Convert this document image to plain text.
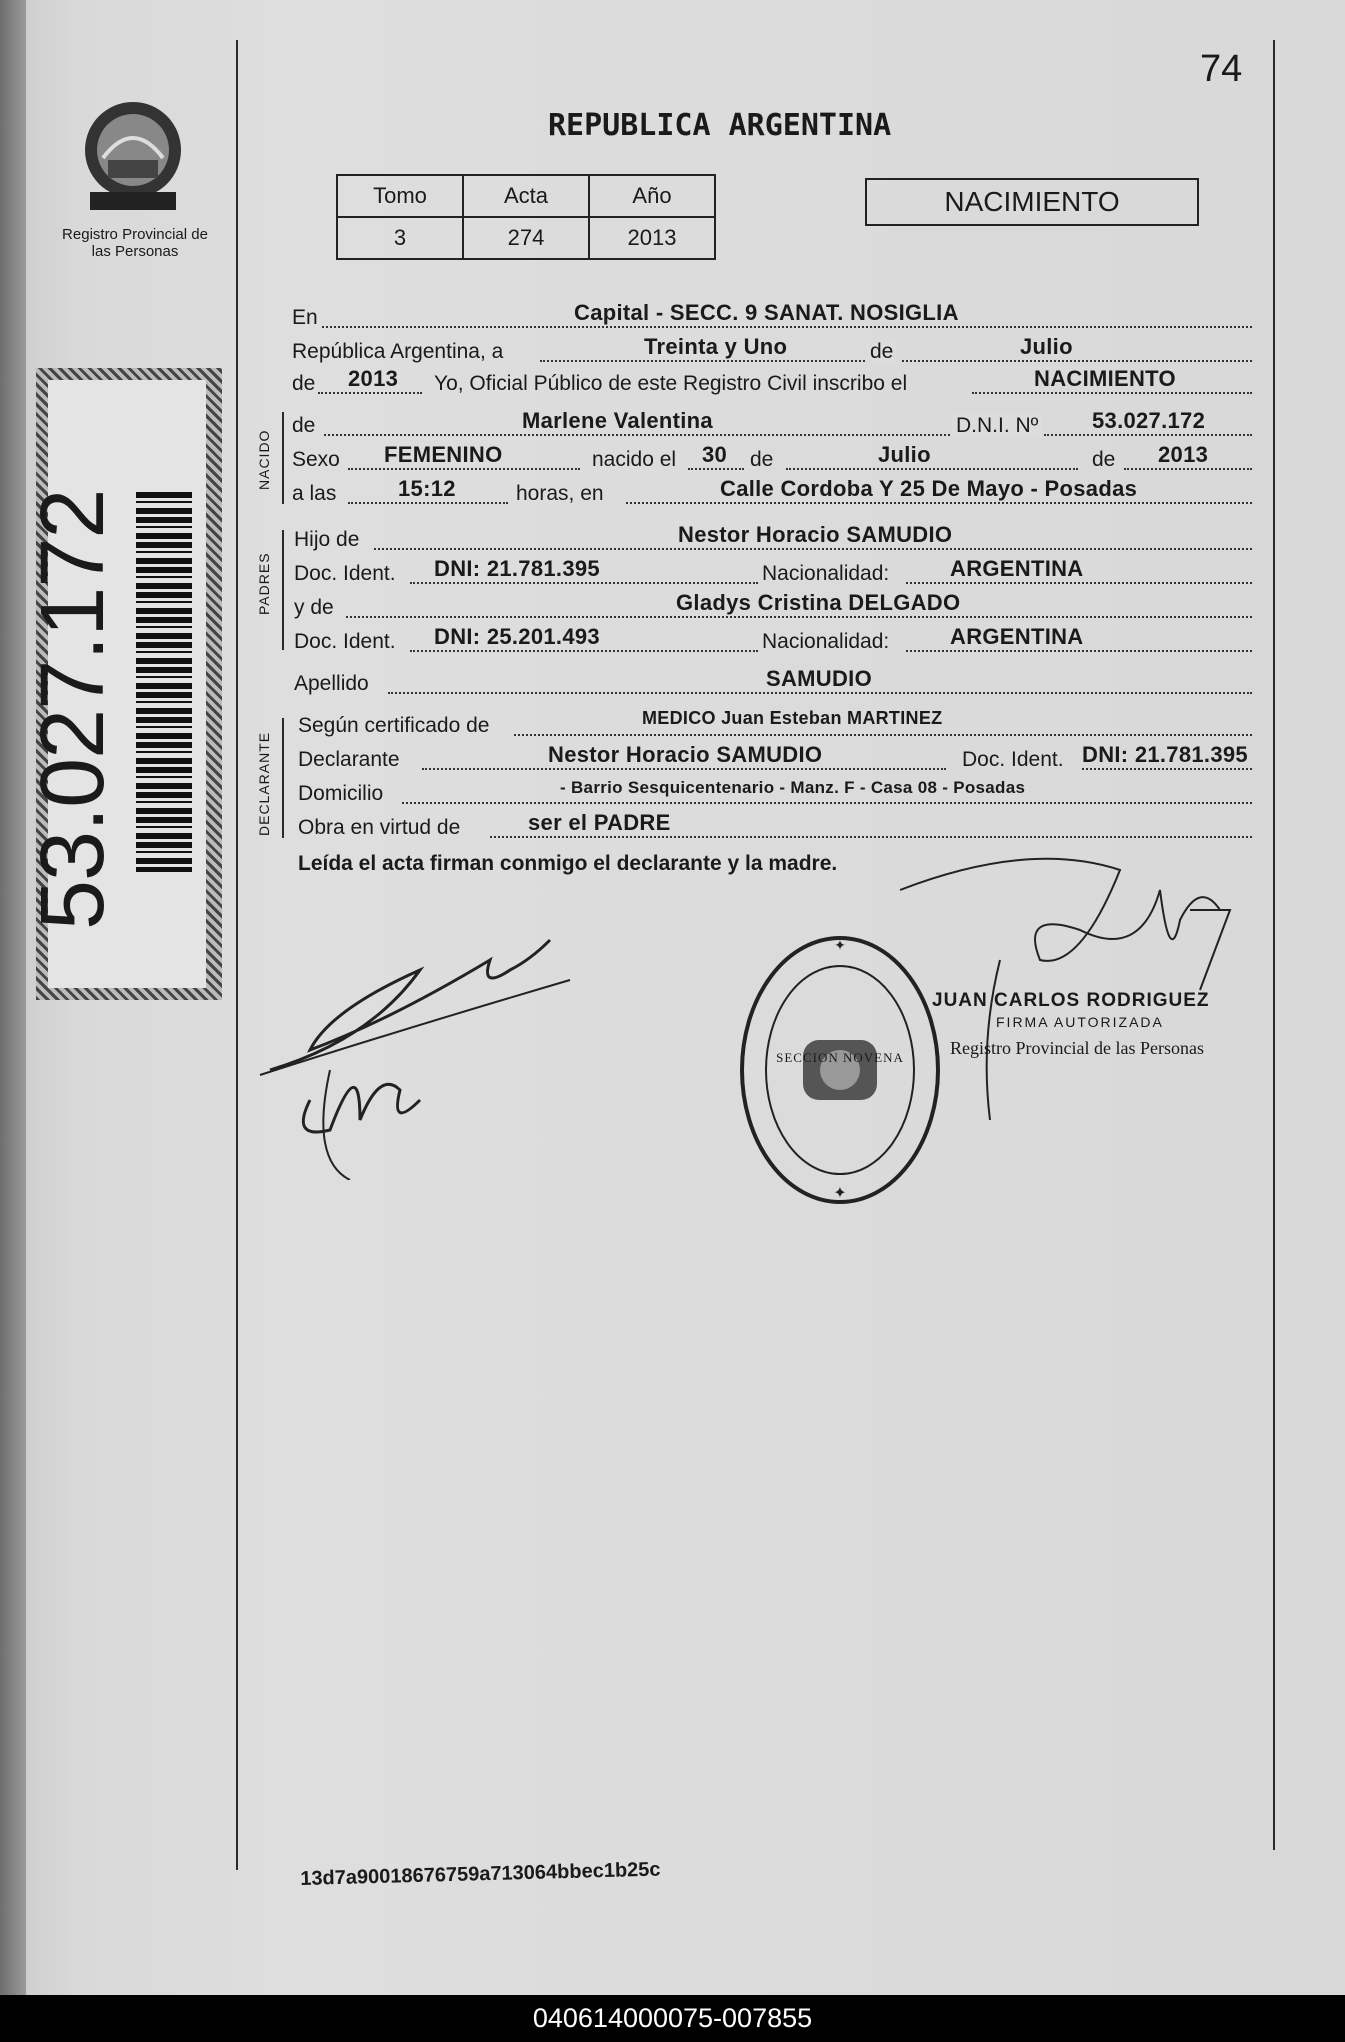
74
Registro Provincial de las Personas
53.027.172
REPUBLICA ARGENTINA
Tomo	Acta	Año
3	274	2013
NACIMIENTO
NACIDO
PADRES
DECLARANTE
En	Capital - SECC. 9 SANAT. NOSIGLIA
República Argentina, a	Treinta y Uno	de	Julio
de 2013 Yo, Oficial Público de este Registro Civil inscribo el	NACIMIENTO
de	Marlene Valentina	D.N.I. Nº 53.027.172
Sexo FEMENINO	nacido el 30 de	Julio	de 2013
a las	15:12	horas, en	Calle Cordoba Y 25 De Mayo - Posadas
Hijo de	Nestor Horacio SAMUDIO
Doc. Ident. DNI: 21.781.395	Nacionalidad:	ARGENTINA
y de	Gladys Cristina DELGADO
Doc. Ident. DNI: 25.201.493	Nacionalidad:	ARGENTINA
Apellido	SAMUDIO
Según certificado de	MEDICO Juan Esteban MARTINEZ
Declarante	Nestor Horacio SAMUDIO	Doc. Ident. DNI: 21.781.395
Domicilio	- Barrio Sesquicentenario - Manz. F - Casa 08 - Posadas
Obra en virtud de	ser el PADRE
Leída el acta firman conmigo el declarante y la madre.
✦
✦
SECCION NOVENA
JUAN CARLOS RODRIGUEZ
FIRMA AUTORIZADA
Registro Provincial de las Personas
13d7a90018676759a713064bbec1b25c
040614000075-007855
